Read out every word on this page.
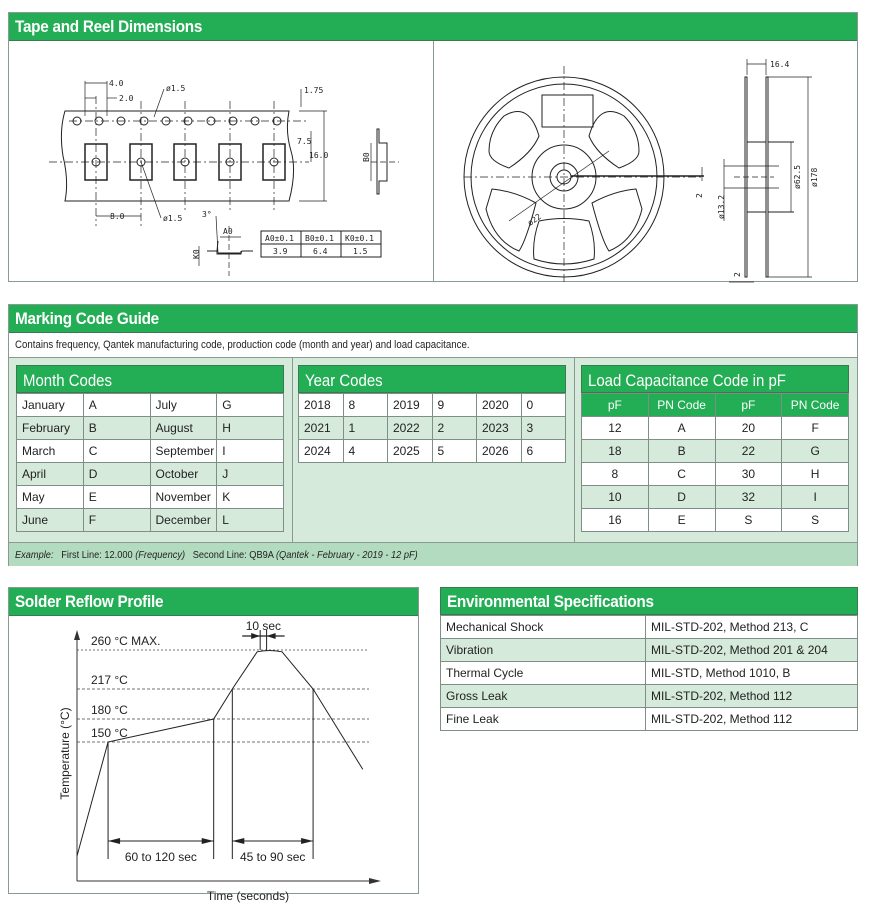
Tape and Reel Dimensions
4.0
2.0
ø1.5	1.75
7.5
16.0
8.0	ø1.5
B0
K0
A0
3°
A0±0.1 B0±0.1 K0±0.1
3.9	6.4	1.5
ø22
2
16.4
ø13.2
ø62.5 ø178
2
Marking Code Guide
Contains frequency, Qantek manufacturing code, production code (month and year) and load capacitance.
Month Codes
January	A	July	G
February	B	August	H
March	C	September	I
April	D	October	J
May	E	November	K
June	F	December	L
Year Codes
2018	8	2019	9	2020	0
2021	1	2022	2	2023	3
2024	4	2025	5	2026	6
Load Capacitance Code in pF
pF	PN Code	pF	PN Code
12	A	20	F
18	B	22	G
8	C	30	H
10	D	32	I
16	E	S	S
Example: First Line: 12.000 (Frequency) Second Line: QB9A (Qantek - February - 2019 - 12 pF)
Solder Reflow Profile
260 °C MAX.
217 °C
180 °C
150 °C
10 sec
60 to 120 sec	45 to 90 sec
Time (seconds)
Temperature (°C)
Environmental Specifications
Mechanical Shock	MIL-STD-202, Method 213, C
Vibration	MIL-STD-202, Method 201 & 204
Thermal Cycle	MIL-STD, Method 1010, B
Gross Leak	MIL-STD-202, Method 112
Fine Leak	MIL-STD-202, Method 112
